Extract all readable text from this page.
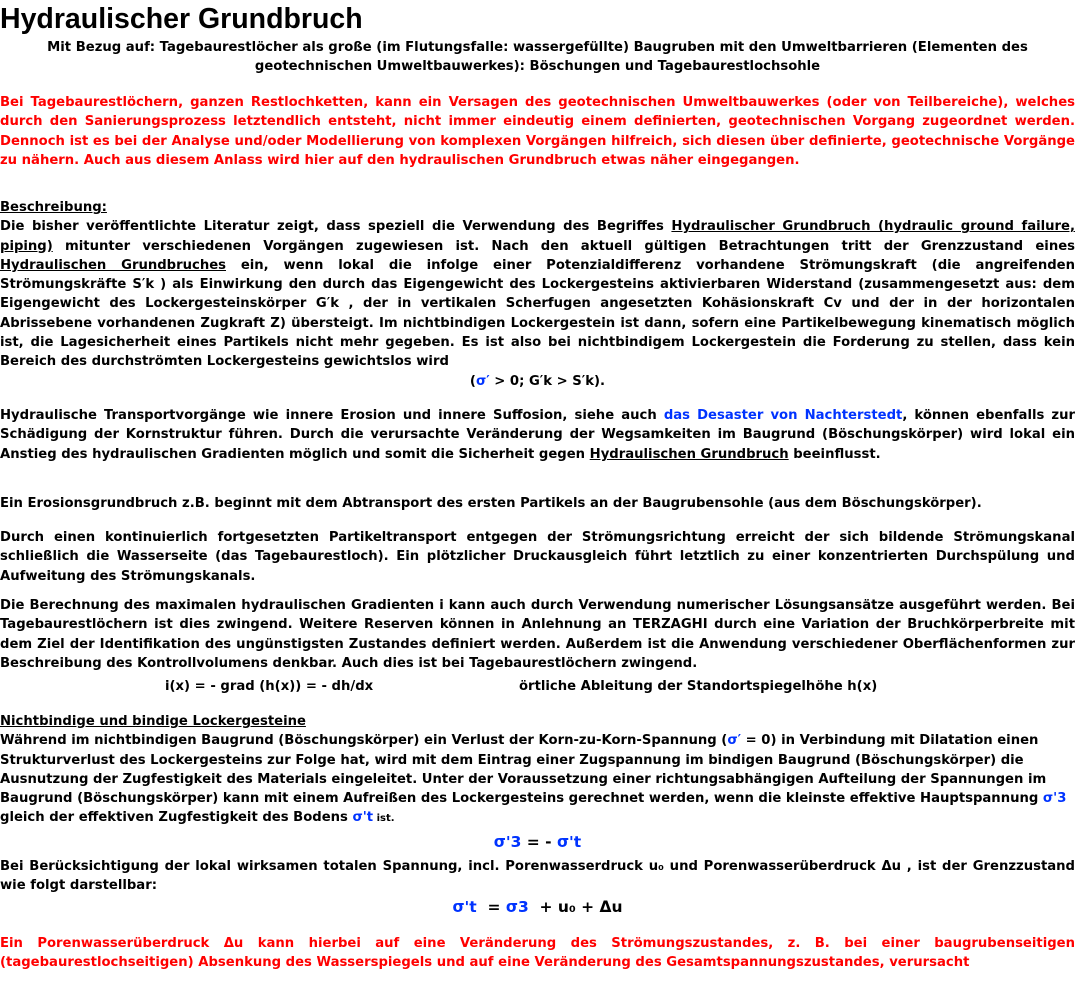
Hydraulischer Grundbruch
Mit Bezug auf: Tagebaurestlöcher als große (im Flutungsfalle: wassergefüllte) Baugruben mit den Umweltbarrieren (Elementen des geotechnischen Umweltbauwerkes): Böschungen und Tagebaurestlochsohle

Bei Tagebaurestlöchern, ganzen Restlochketten, kann ein Versagen des geotechnischen Umweltbauwerkes (oder von Teilbereiche), welches durch den Sanierungsprozess letztendlich entsteht, nicht immer eindeutig einem definierten, geotechnischen Vorgang zugeordnet werden. Dennoch ist es bei der Analyse und/oder Modellierung von komplexen Vorgängen hilfreich, sich diesen über definierte, geotechnische Vorgänge zu nähern. Auch aus diesem Anlass wird hier auf den hydraulischen Grundbruch etwas näher eingegangen.

Beschreibung:
Die bisher veröffentlichte Literatur zeigt, dass speziell die Verwendung des Begriffes Hydraulischer Grundbruch (hydraulic ground failure, piping) mitunter verschiedenen Vorgängen zugewiesen ist. Nach den aktuell gültigen Betrachtungen tritt der Grenzzustand eines Hydraulischen Grundbruches ein, wenn lokal die infolge einer Potenzialdifferenz vorhandene Strömungskraft (die angreifenden Strömungskräfte S′k ) als Einwirkung den durch das Eigengewicht des Lockergesteins aktivierbaren Widerstand (zusammengesetzt aus: dem Eigengewicht des Lockergesteinskörper G′k , der in vertikalen Scherfugen angesetzten Kohäsionskraft Cv und der in der horizontalen Abrissebene vorhandenen Zugkraft Z) übersteigt. Im nichtbindigen Lockergestein ist dann, sofern eine Partikelbewegung kinematisch möglich ist, die Lagesicherheit eines Partikels nicht mehr gegeben. Es ist also bei nichtbindigem Lockergestein die Forderung zu stellen, dass kein Bereich des durchströmten Lockergesteins gewichtslos wird
(σ′ > 0; G′k > S′k).
Hydraulische Transportvorgänge wie innere Erosion und innere Suffosion, siehe auch das Desaster von Nachterstedt, können ebenfalls zur Schädigung der Kornstruktur führen. Durch die verursachte Veränderung der Wegsamkeiten im Baugrund (Böschungskörper) wird lokal ein Anstieg des hydraulischen Gradienten möglich und somit die Sicherheit gegen Hydraulischen Grundbruch beeinflusst.

Ein Erosionsgrundbruch z.B. beginnt mit dem Abtransport des ersten Partikels an der Baugrubensohle (aus dem Böschungskörper).

Durch einen kontinuierlich fortgesetzten Partikeltransport entgegen der Strömungsrichtung erreicht der sich bildende Strömungskanal schließlich die Wasserseite (das Tagebaurestloch). Ein plötzlicher Druckausgleich führt letztlich zu einer konzentrierten Durchspülung und Aufweitung des Strömungskanals.

Die Berechnung des maximalen hydraulischen Gradienten i kann auch durch Verwendung numerischer Lösungsansätze ausgeführt werden. Bei Tagebaurestlöchern ist dies zwingend. Weitere Reserven können in Anlehnung an TERZAGHI durch eine Variation der Bruchkörperbreite mit dem Ziel der Identifikation des ungünstigsten Zustandes definiert werden. Außerdem ist die Anwendung verschiedener Oberflächenformen zur Beschreibung des Kontrollvolumens denkbar. Auch dies ist bei Tagebaurestlöchern zwingend.

i(x) = - grad (h(x)) = - dh/dx	örtliche Ableitung der Standortspiegelhöhe h(x)
Nichtbindige und bindige Lockergesteine
Während im nichtbindigen Baugrund (Böschungskörper) ein Verlust der Korn-zu-Korn-Spannung (σ′ = 0) in Verbindung mit Dilatation einen Strukturverlust des Lockergesteins zur Folge hat, wird mit dem Eintrag einer Zugspannung im bindigen Baugrund (Böschungskörper) die Ausnutzung der Zugfestigkeit des Materials eingeleitet. Unter der Voraussetzung einer richtungsabhängigen Aufteilung der Spannungen im Baugrund (Böschungskörper) kann mit einem Aufreißen des Lockergesteins gerechnet werden, wenn die kleinste effektive Hauptspannung σ'3 gleich der effektiven Zugfestigkeit des Bodens σ't ist.
σ'3 = - σ't

Bei Berücksichtigung der lokal wirksamen totalen Spannung, incl. Porenwasserdruck u₀ und Porenwasserüberdruck Δu , ist der Grenzzustand wie folgt darstellbar:

σ't  = σ3  + u₀ + Δu

Ein Porenwasserüberdruck Δu kann hierbei auf eine Veränderung des Strömungszustandes, z. B. bei einer baugrubenseitigen (tagebaurestlochseitigen) Absenkung des Wasserspiegels und auf eine Veränderung des Gesamtspannungszustandes, verursacht
